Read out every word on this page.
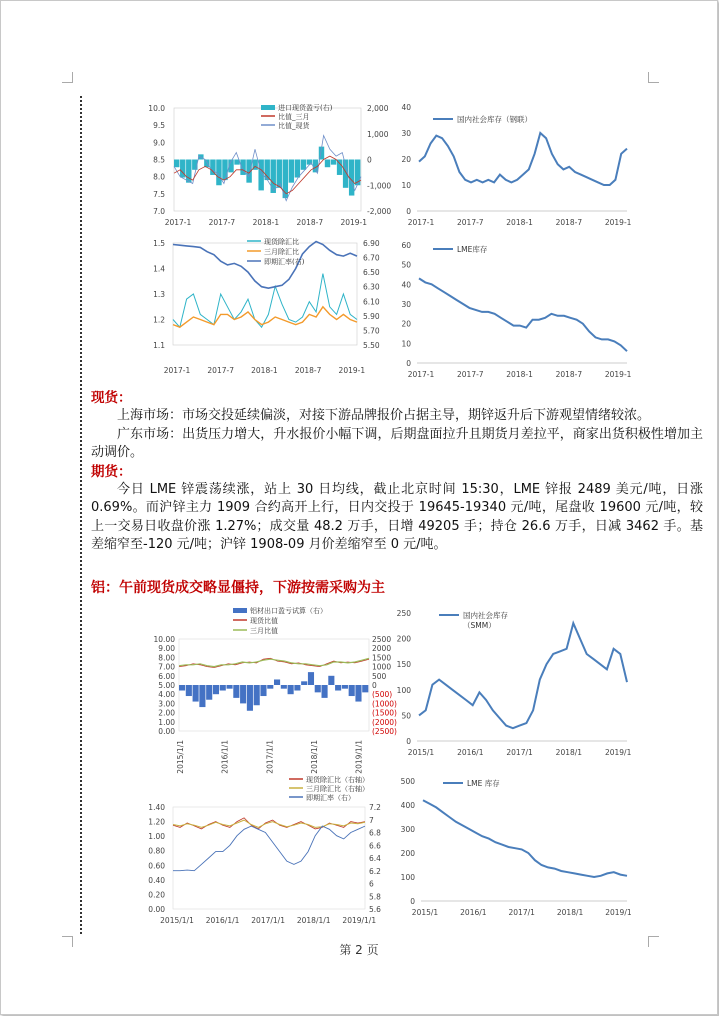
10.0
9.5
9.0
8.5
8.0
7.5
7.0
2,000
1,000
0
-1,000
-2,000
2017-1 2017-7 2018-1 2018-7 2019-1
进口现货盈亏(右)
比值_三月
比值_现货
40
30
20
10
0
2017-1	2017-7	2018-1	2018-7	2019-1
国内社会库存（钢联）
1.5
1.4
1.3
1.2
1.1
6.90
6.70
6.50
6.30
6.10
5.90
5.70
5.50
2017-1 2017-7 2018-1 2018-7 2019-1
现货除汇比
三月除汇比
即期汇率(右)
60
50
40
30
20
10
0
2017-1	2017-7	2018-1	2018-7	2019-1
LME库存
现货：

上海市场：市场交投延续偏淡，对接下游品牌报价占据主导，期锌返升后下游观望情绪较浓。

广东市场：出货压力增大，升水报价小幅下调，后期盘面拉升且期货月差拉平，商家出货积极性增加主动调价。

期货：

今日 LME 锌震荡续涨，站上 30 日均线，截止北京时间 15:30，LME 锌报 2489 美元/吨，日涨 0.69%。而沪锌主力 1909 合约高开上行，日内交投于 19645-19340 元/吨，尾盘收 19600 元/吨，较上一交易日收盘价涨 1.27%；成交量 48.2 万手，日增 49205 手；持仓 26.6 万手，日减 3462 手。基差缩窄至-120 元/吨；沪锌 1908-09 月价差缩窄至 0 元/吨。

铝：午前现货成交略显僵持，下游按需采购为主
10.00
9.00
8.00
7.00
6.00
5.00
4.00
3.00
2.00
1.00
0.00
2500
2000
1500
1000
500
0
(500)
(1000)
(1500)
(2000)
(2500)
2015/1/1	2016/1/1	2017/1/1	2018/1/1	2019/1/1
铝材出口盈亏试算（右）
现货比值
三月比值
250
200
150
100
50
0
2015/1	2016/1	2017/1	2018/1	2019/1
国内社会库存
（SMM）
1.40
1.20
1.00
0.80
0.60
0.40
0.20
0.00
7.2
7
6.8
6.6
6.4
6.2
6
5.8
5.6
2015/1/1 2016/1/1 2017/1/1 2018/1/1 2019/1/1
现货除汇比（右轴）
三月除汇比（右轴）
即期汇率（右）
500
400
300
200
100
0
2015/1	2016/1	2017/1	2018/1	2019/1
LME 库存
第 2 页
